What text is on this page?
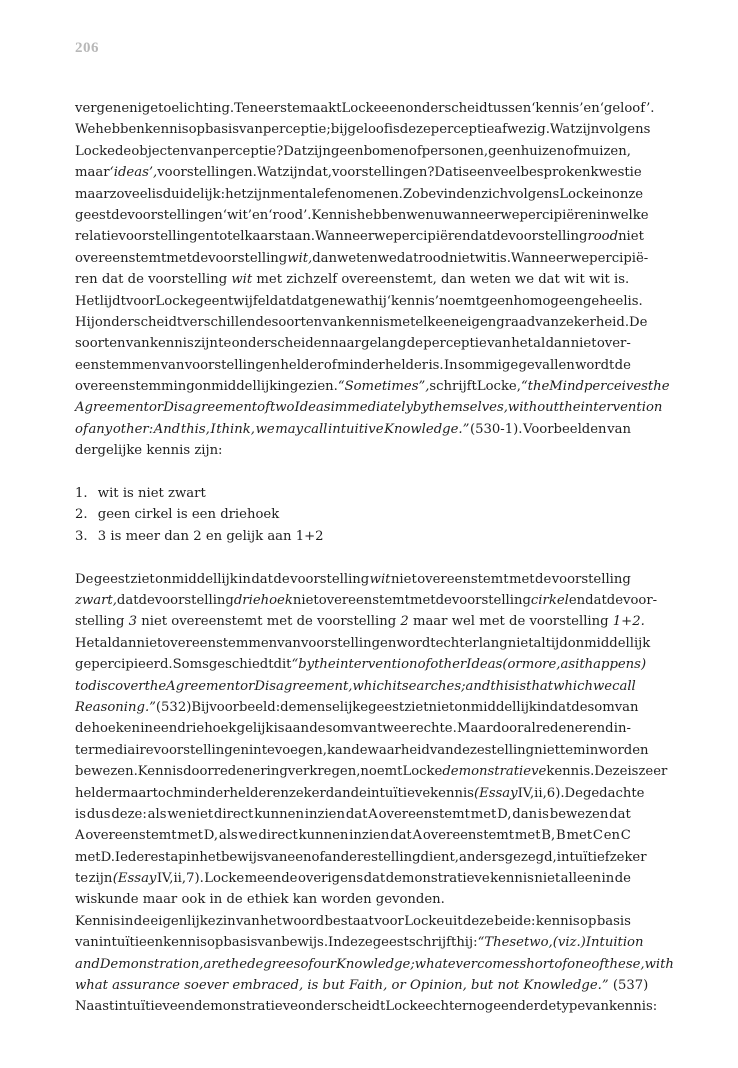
206
vergen enige toelichting. Ten eerste maakt Locke een onderscheid tussen ‘kennis’ en ‘geloof’.
We hebben kennis op basis van perceptie; bij geloof is deze perceptie afwezig. Wat zijn volgens
Locke de objecten van perceptie? Dat zijn geen bomen of personen, geen huizen of muizen,
maar ‘ideas’, voorstellingen. Wat zijn dat, voorstellingen? Dat is een veelbesproken kwestie
maar zoveel is duidelijk: het zijn mentale fenomenen. Zo bevinden zich volgens Locke in onze
geest de voorstellingen ‘wit’ en ‘rood’. Kennis hebben we nu wanneer we percipiëren in welke
relatie voorstellingen tot elkaar staan. Wanneer we percipiëren dat de voorstelling rood niet
overeenstemt met de voorstelling wit, dan weten we dat rood niet wit is. Wanneer we percipië-
ren dat de voorstelling wit met zichzelf overeenstemt, dan weten we dat wit wit is.
Het lijdt voor Locke geen twijfel dat datgene wat hij ‘kennis’ noemt geen homogeen geheel is.
Hij onderscheidt verschillende soorten van kennis met elk een eigen graad van zekerheid. De
soorten van kennis zijn te onderscheiden naar gelang de perceptie van het al dan niet over-
eenstemmen van voorstellingen helder of minder helder is. In sommige gevallen wordt de
overeenstemming onmiddellijk ingezien. “Sometimes”, schrijft Locke, “the Mind perceives the
Agreement or Disagreement of two Ideas immediately by themselves, without the intervention
of any other: And this, I think, we may call intuitive Knowledge.” (530-1). Voorbeelden van
dergelijke kennis zijn:
1. wit is niet zwart
2. geen cirkel is een driehoek
3. 3 is meer dan 2 en gelijk aan 1+2
De geest ziet onmiddellijk in dat de voorstelling wit niet overeenstemt met de voorstelling
zwart, dat de voorstelling driehoek niet overeenstemt met de voorstelling cirkel en dat de voor-
stelling 3 niet overeenstemt met de voorstelling 2 maar wel met de voorstelling 1+2.
Het al dan niet overeenstemmen van voorstellingen wordt echter lang niet altijd onmiddellijk
gepercipieerd. Soms geschiedt dit “by the intervention of other Ideas (or more, as it happens)
to discover the Agreement or Disagreement, which it searches; and this is that which we call
Reasoning.” (532) Bijvoorbeeld: de menselijke geest ziet niet onmiddellijk in dat de som van
de hoeken in een driehoek gelijk is aan de som van twee rechte. Maar door al redenerend in-
termediaire voorstellingen in te voegen, kan de waarheid van deze stelling niettemin worden
bewezen. Kennis door redenering verkregen, noemt Locke demonstratieve kennis. Deze is zeer
helder maar toch minder helder en zeker dan de intuïtieve kennis (Essay IV,ii,6). De gedachte
is dus deze: als we niet direct kunnen inzien dat A overeenstemt met D, dan is bewezen dat
A overeenstemt met D, als we direct kunnen inzien dat A overeenstemt met B, B met C en C
met D. Iedere stap in het bewijs van een of andere stelling dient, anders gezegd, intuïtief zeker
te zijn (Essay IV,ii,7). Locke meende overigens dat demonstratieve kennis niet alleen in de
wiskunde maar ook in de ethiek kan worden gevonden.
Kennis in de eigenlijke zin van het woord bestaat voor Locke uit deze beide: kennis op basis
van intuïtie en kennis op basis van bewijs. In deze geest schrijft hij: “These two, (viz.) Intuition
and Demonstration, are the degrees of our Knowledge; whatever comes short of one of these, with
what assurance soever embraced, is but Faith, or Opinion, but not Knowledge.” (537)
Naast intuïtieve en demonstratieve onderscheidt Locke echter nog een derde type van kennis:
